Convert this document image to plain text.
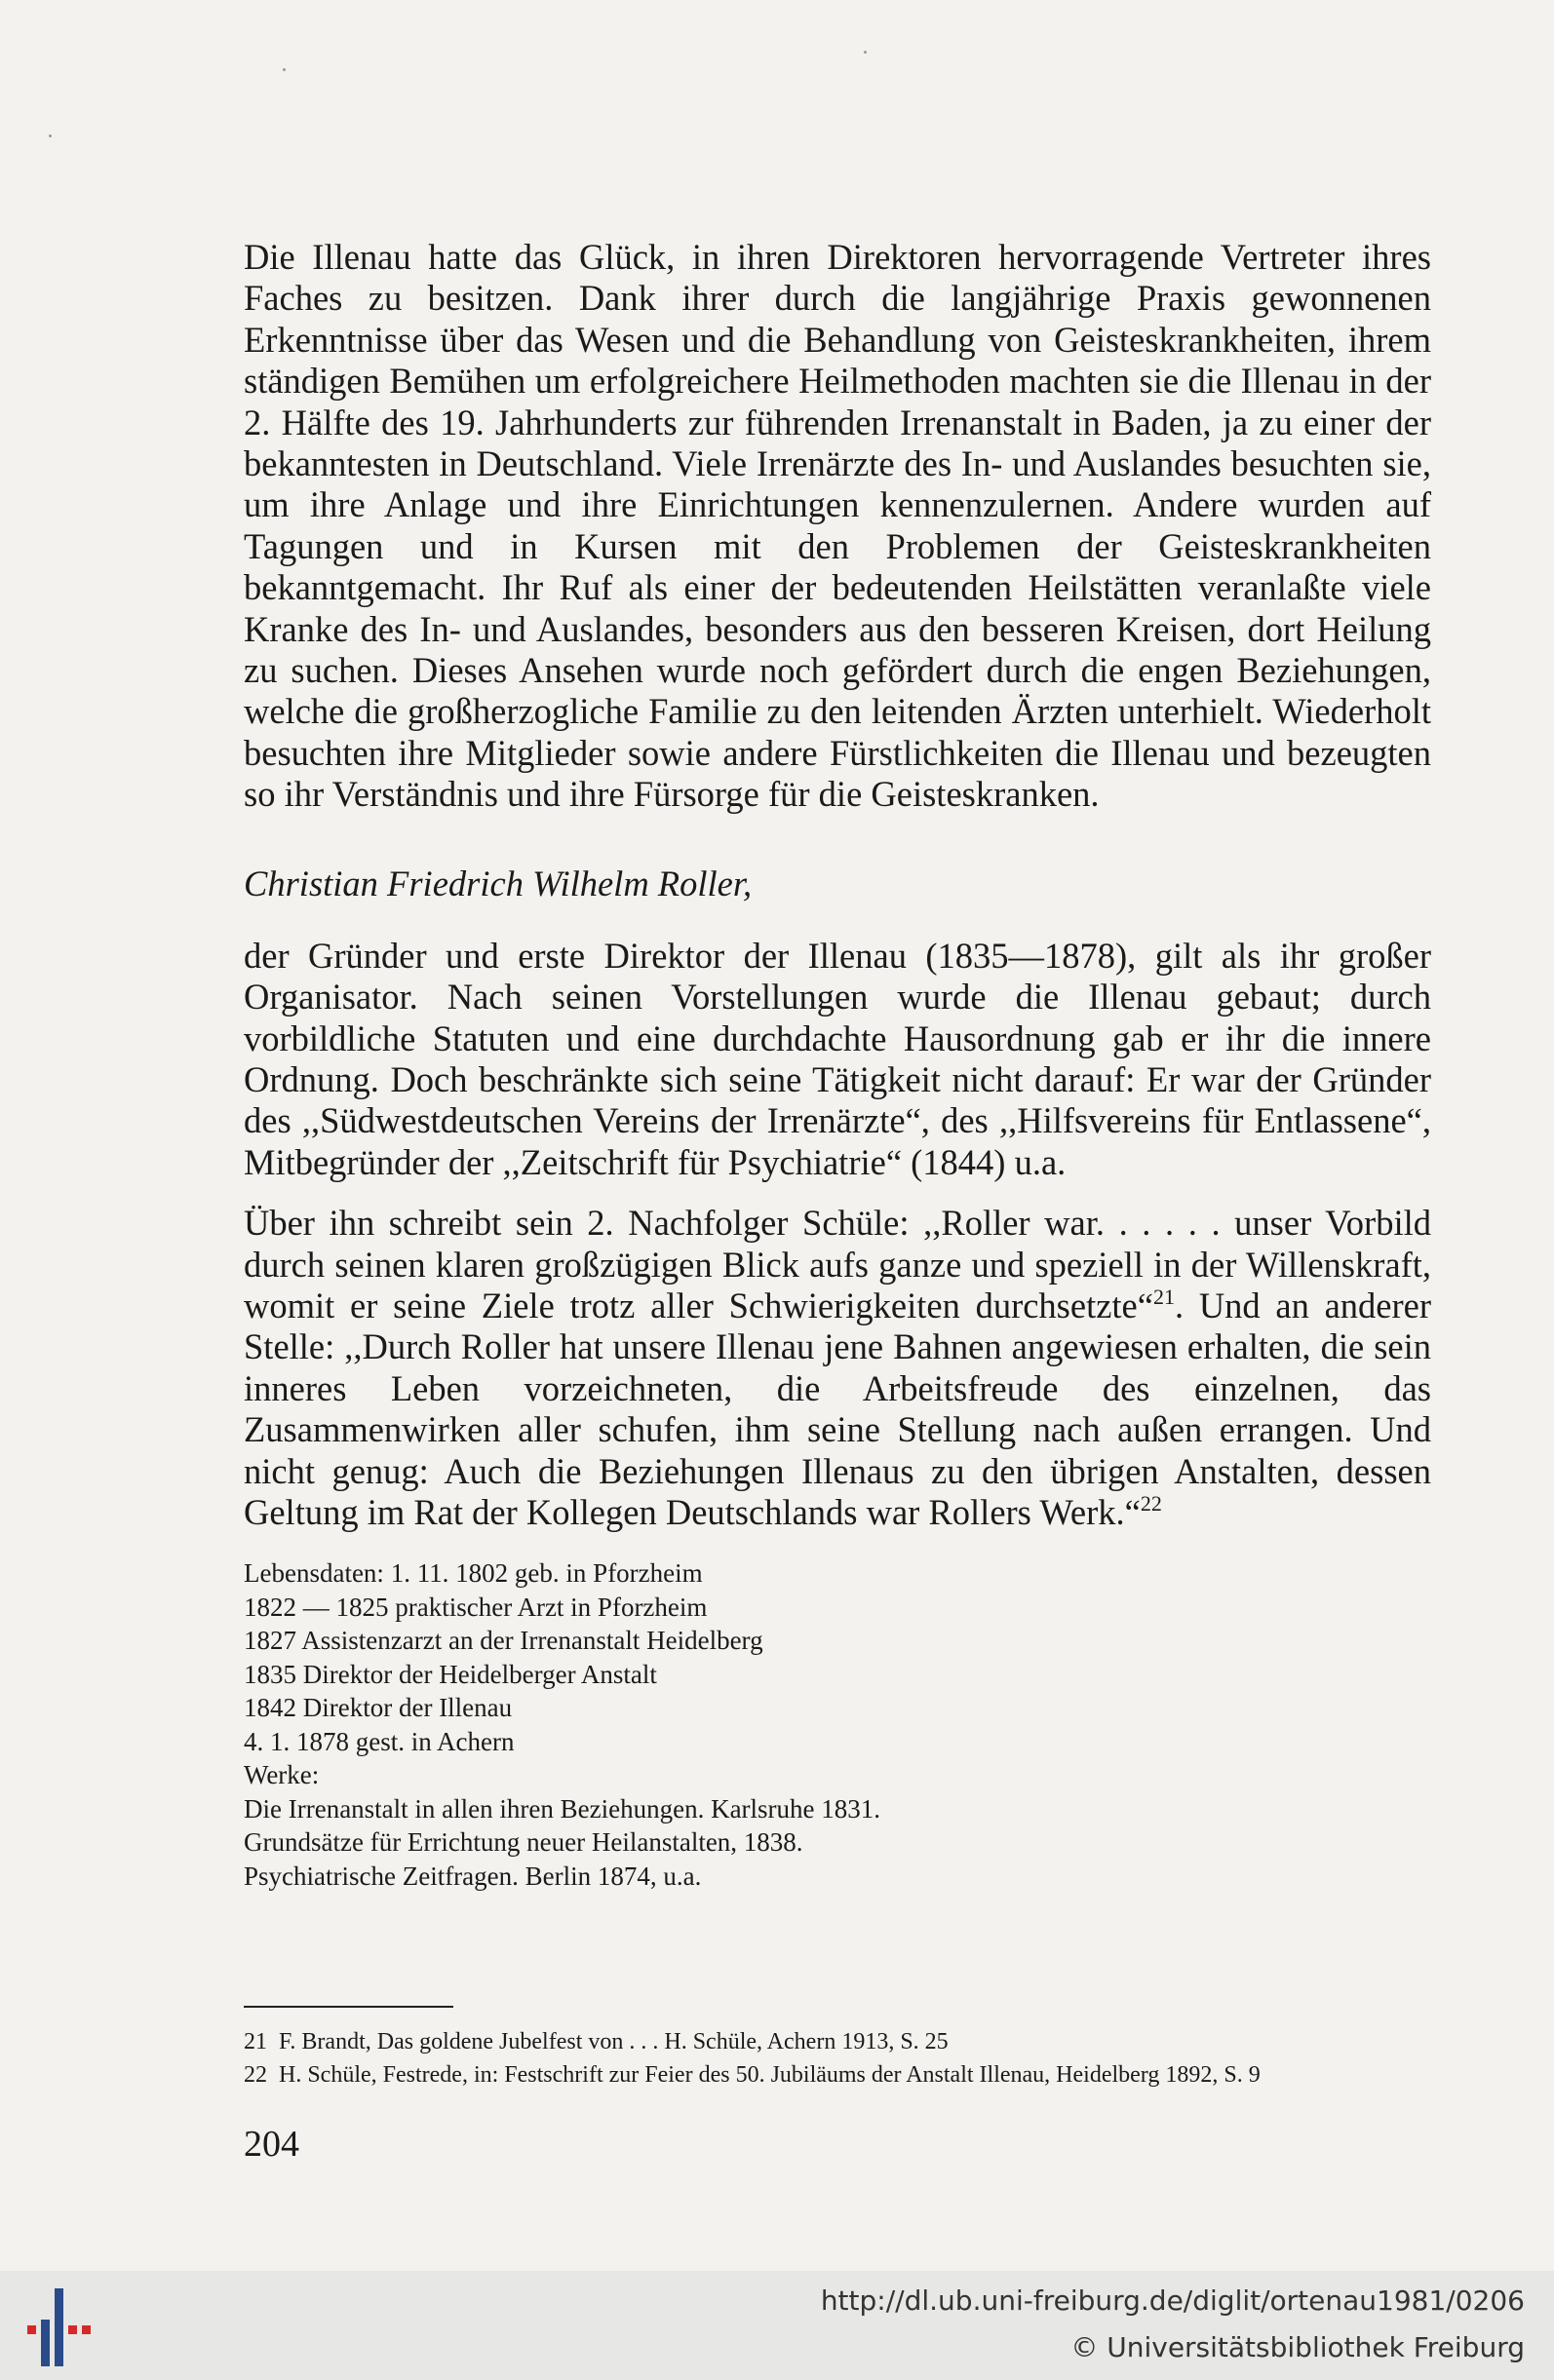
Die Illenau hatte das Glück, in ihren Direktoren hervorragende Vertreter ihres Faches zu besitzen. Dank ihrer durch die langjährige Praxis gewonnenen Erkenntnisse über das Wesen und die Behandlung von Geisteskrankheiten, ihrem ständigen Bemühen um erfolgreichere Heilmethoden machten sie die Illenau in der 2. Hälfte des 19. Jahrhunderts zur führenden Irrenanstalt in Baden, ja zu einer der bekanntesten in Deutschland. Viele Irrenärzte des In- und Auslandes besuchten sie, um ihre Anlage und ihre Einrichtungen kennenzulernen. Andere wurden auf Tagungen und in Kursen mit den Problemen der Geisteskrankheiten bekanntgemacht. Ihr Ruf als einer der bedeutenden Heilstätten veranlaßte viele Kranke des In- und Auslandes, besonders aus den besseren Kreisen, dort Heilung zu suchen. Dieses Ansehen wurde noch gefördert durch die engen Beziehungen, welche die großherzogliche Familie zu den leitenden Ärzten unterhielt. Wiederholt besuchten ihre Mitglieder sowie andere Fürstlichkeiten die Illenau und bezeugten so ihr Verständnis und ihre Fürsorge für die Geisteskranken.

Christian Friedrich Wilhelm Roller,

der Gründer und erste Direktor der Illenau (1835—1878), gilt als ihr großer Organisator. Nach seinen Vorstellungen wurde die Illenau gebaut; durch vorbildliche Statuten und eine durchdachte Hausordnung gab er ihr die innere Ordnung. Doch beschränkte sich seine Tätigkeit nicht darauf: Er war der Gründer des ,,Südwestdeutschen Vereins der Irrenärzte“, des ,,Hilfsvereins für Entlassene“, Mitbegründer der ,,Zeitschrift für Psychiatrie“ (1844) u.a.

Über ihn schreibt sein 2. Nachfolger Schüle: ,,Roller war. . . . . . unser Vorbild durch seinen klaren großzügigen Blick aufs ganze und speziell in der Willenskraft, womit er seine Ziele trotz aller Schwierigkeiten durchsetzte“$^{21}$. Und an anderer Stelle: ,,Durch Roller hat unsere Illenau jene Bahnen angewiesen erhalten, die sein inneres Leben vorzeichneten, die Arbeitsfreude des einzelnen, das Zusammenwirken aller schufen, ihm seine Stellung nach außen errangen. Und nicht genug: Auch die Beziehungen Illenaus zu den übrigen Anstalten, dessen Geltung im Rat der Kollegen Deutschlands war Rollers Werk.“$^{22}$

Lebensdaten: 1. 11. 1802 geb. in Pforzheim
1822 — 1825 praktischer Arzt in Pforzheim
1827 Assistenzarzt an der Irrenanstalt Heidelberg
1835 Direktor der Heidelberger Anstalt
1842 Direktor der Illenau
4. 1. 1878 gest. in Achern
Werke:
Die Irrenanstalt in allen ihren Beziehungen. Karlsruhe 1831.
Grundsätze für Errichtung neuer Heilanstalten, 1838.
Psychiatrische Zeitfragen. Berlin 1874, u.a.
21 F. Brandt, Das goldene Jubelfest von . . . H. Schüle, Achern 1913, S. 25
22 H. Schüle, Festrede, in: Festschrift zur Feier des 50. Jubiläums der Anstalt Illenau, Heidelberg 1892, S. 9
204
http://dl.ub.uni-freiburg.de/diglit/ortenau1981/0206
© Universitätsbibliothek Freiburg
